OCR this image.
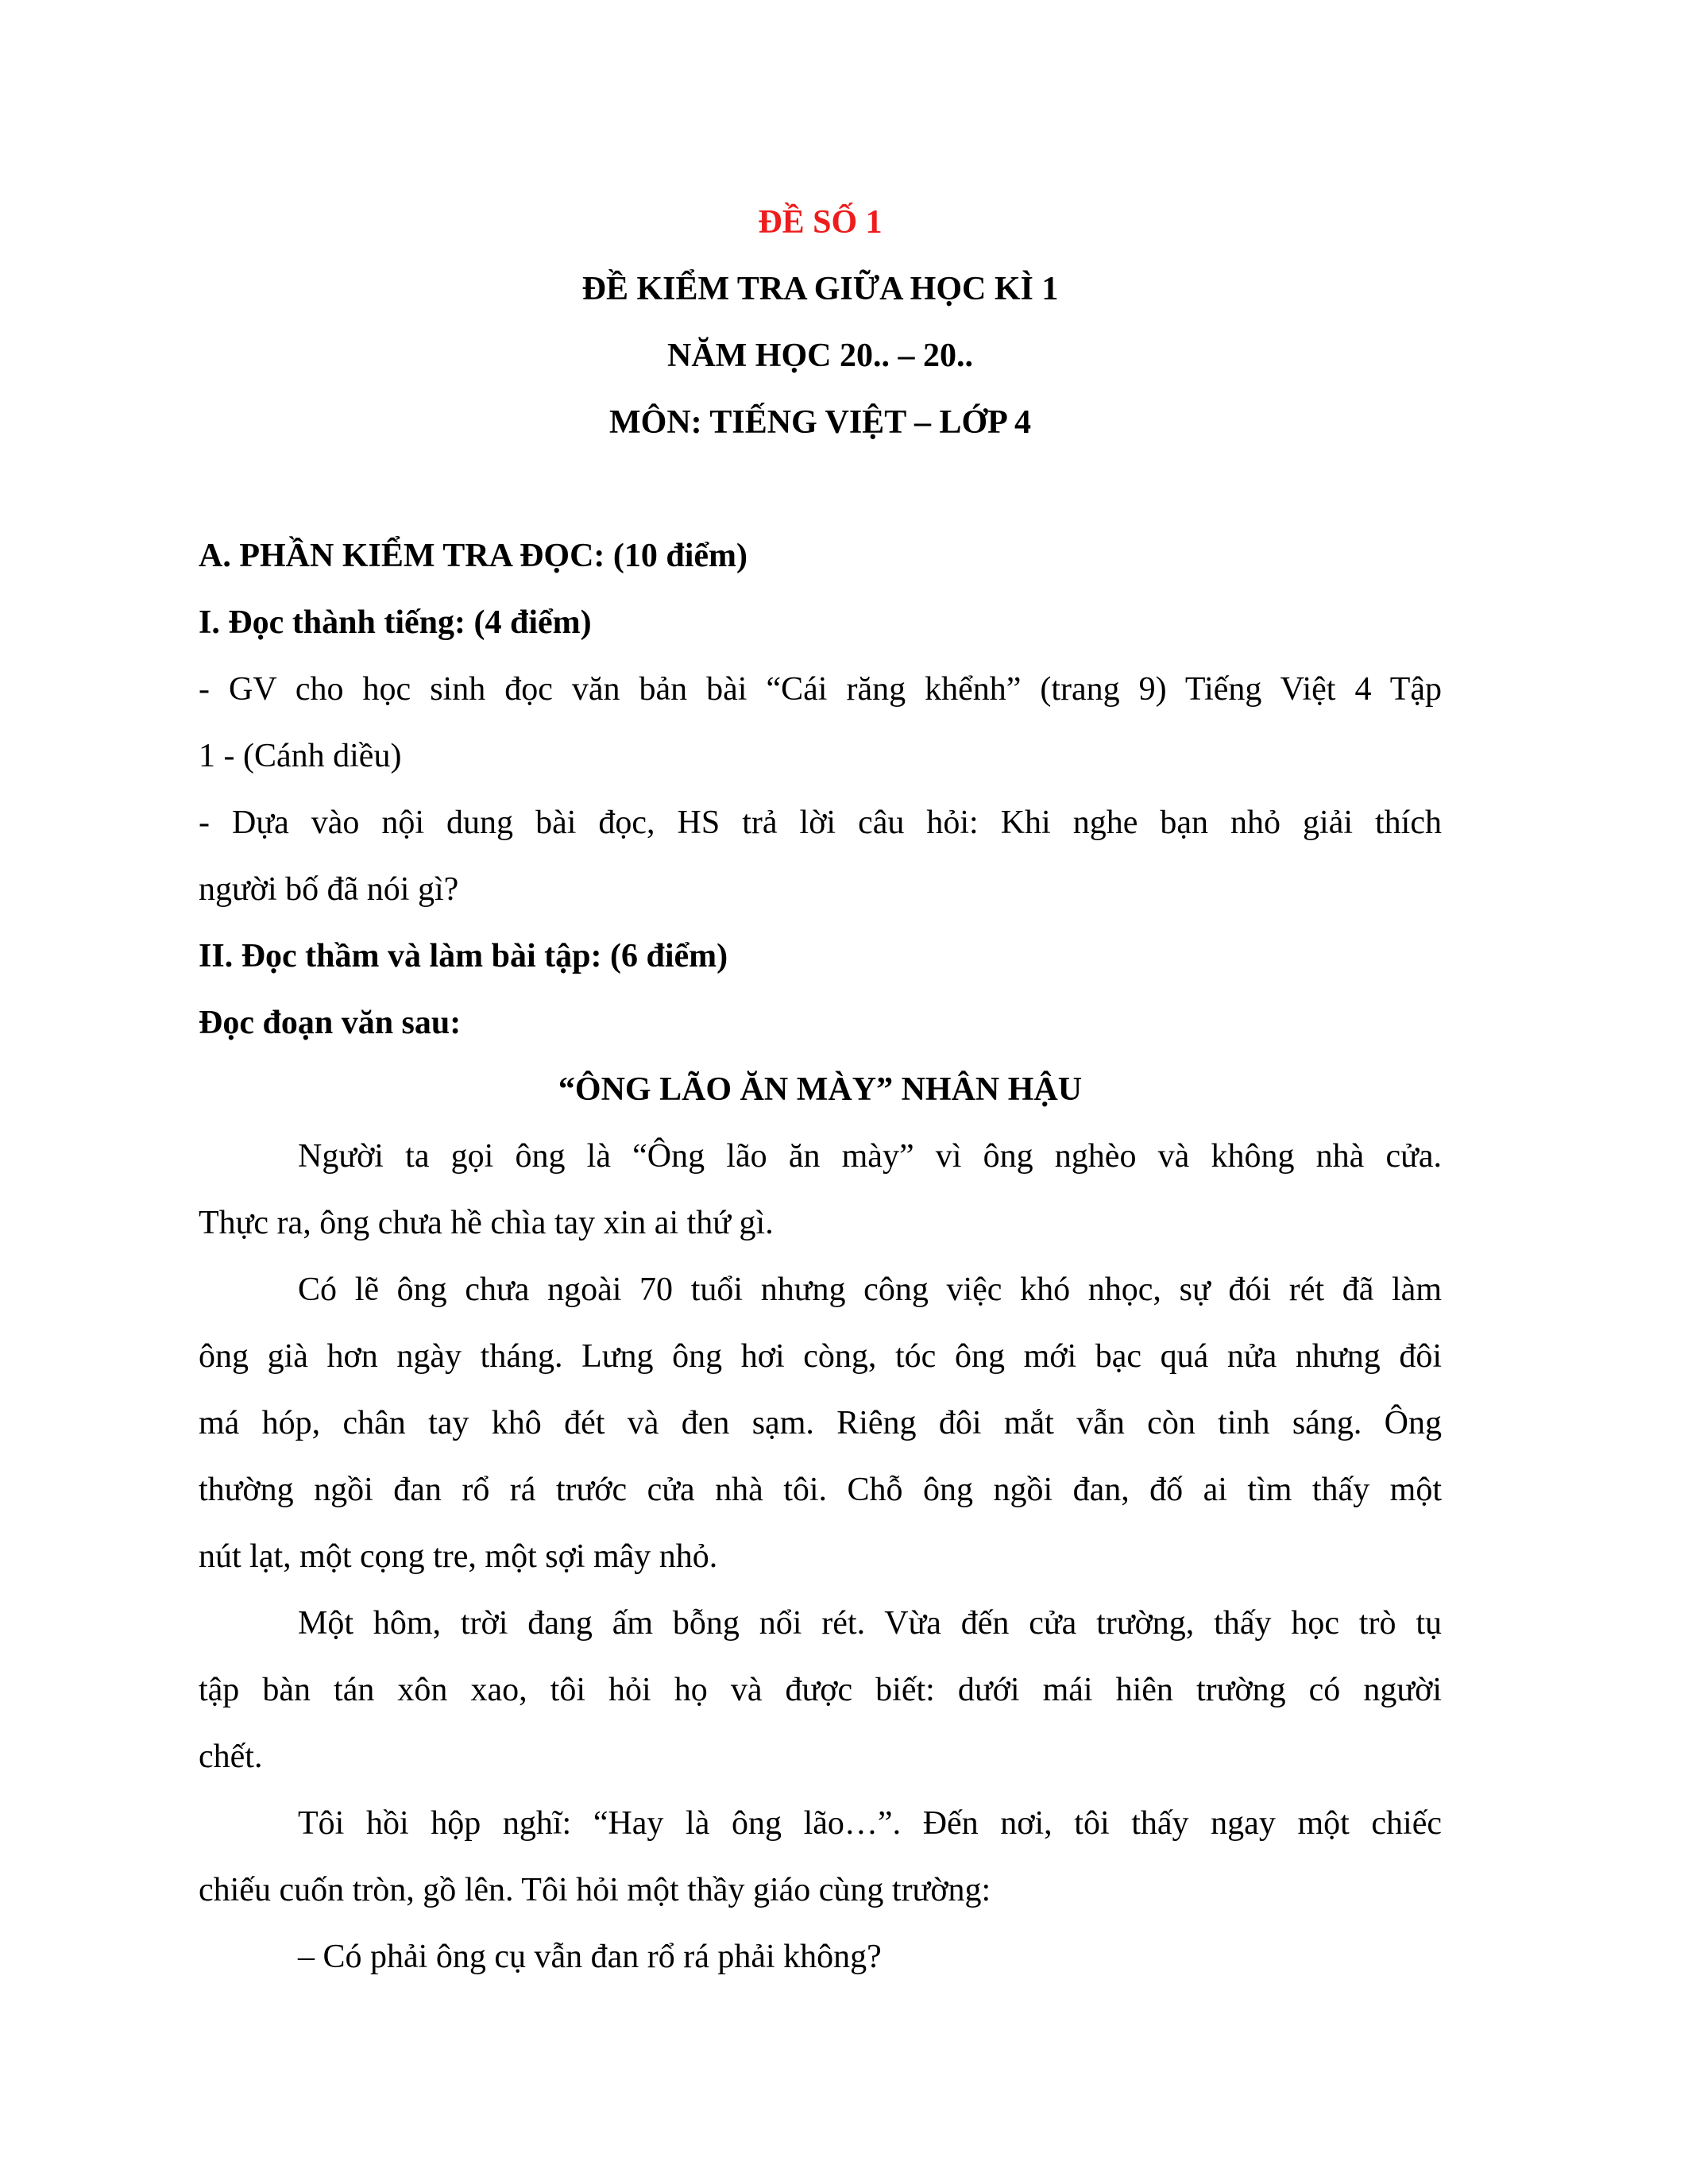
ĐỀ SỐ 1
ĐỀ KIỂM TRA GIỮA HỌC KÌ 1
NĂM HỌC 20.. – 20..
MÔN: TIẾNG VIỆT – LỚP 4
A. PHẦN KIỂM TRA ĐỌC: (10 điểm)
I. Đọc thành tiếng: (4 điểm)
- GV cho học sinh đọc văn bản bài “Cái răng khểnh” (trang 9) Tiếng Việt 4 Tập
1 - (Cánh diều)
- Dựa vào nội dung bài đọc, HS trả lời câu hỏi: Khi nghe bạn nhỏ giải thích
người bố đã nói gì?
II. Đọc thầm và làm bài tập: (6 điểm)
Đọc đoạn văn sau:
“ÔNG LÃO ĂN MÀY” NHÂN HẬU
Người ta gọi ông là “Ông lão ăn mày” vì ông nghèo và không nhà cửa.
Thực ra, ông chưa hề chìa tay xin ai thứ gì.
Có lẽ ông chưa ngoài 70 tuổi nhưng công việc khó nhọc, sự đói rét đã làm
ông già hơn ngày tháng. Lưng ông hơi còng, tóc ông mới bạc quá nửa nhưng đôi
má hóp, chân tay khô đét và đen sạm. Riêng đôi mắt vẫn còn tinh sáng. Ông
thường ngồi đan rổ rá trước cửa nhà tôi. Chỗ ông ngồi đan, đố ai tìm thấy một
nút lạt, một cọng tre, một sợi mây nhỏ.
Một hôm, trời đang ấm bỗng nổi rét. Vừa đến cửa trường, thấy học trò tụ
tập bàn tán xôn xao, tôi hỏi họ và được biết: dưới mái hiên trường có người
chết.
Tôi hồi hộp nghĩ: “Hay là ông lão…”. Đến nơi, tôi thấy ngay một chiếc
chiếu cuốn tròn, gồ lên. Tôi hỏi một thầy giáo cùng trường:
– Có phải ông cụ vẫn đan rổ rá phải không?
